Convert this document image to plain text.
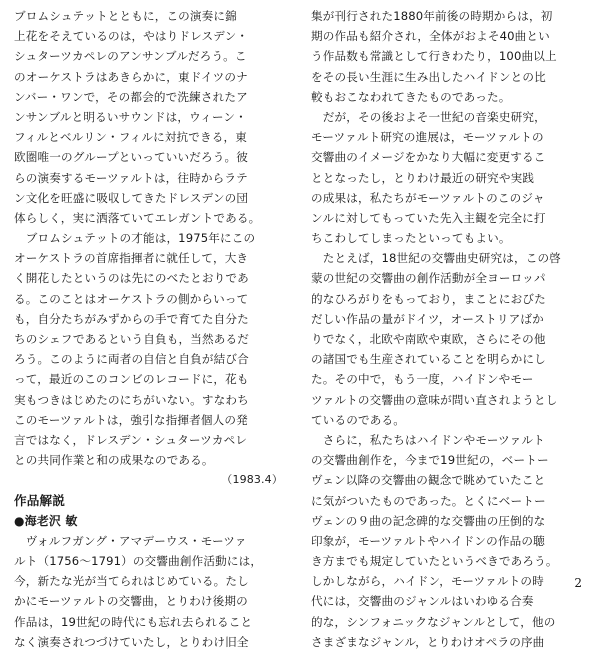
ブロムシュテットとともに，この演奏に錦
上花をそえているのは，やはりドレスデン・
シュターツカペレのアンサンブルだろう。こ
のオーケストラはあきらかに，東ドイツのナ
ンバー・ワンで，その都会的で洗練されたア
ンサンブルと明るいサウンドは，ウィーン・
フィルとベルリン・フィルに対抗できる，東
欧圏唯一のグループといっていいだろう。彼
らの演奏するモーツァルトは，往時からラテ
ン文化を旺盛に吸収してきたドレスデンの団
体らしく，実に洒落ていてエレガントである。
　ブロムシュテットの才能は，1975年にこの
オーケストラの首席指揮者に就任して，大き
く開花したというのは先にのべたとおりであ
る。このことはオーケストラの側からいって
も，自分たちがみずからの手で育てた自分た
ちのシェフであるという自負も，当然あるだ
ろう。このように両者の自信と自負が結び合
って，最近のこのコンビのレコードに，花も
実もつきはじめたのにちがいない。すなわち
このモーツァルトは，強引な指揮者個人の発
言ではなく，ドレスデン・シュターツカペレ
との共同作業と和の成果なのである。
（1983.4）
作品解説
●海老沢 敏
　ヴォルフガング・アマデーウス・モーツァ
ルト（1756～1791）の交響曲創作活動には，
今，新たな光が当てられはじめている。たし
かにモーツァルトの交響曲，とりわけ後期の
作品は，19世紀の時代にも忘れ去られること
なく演奏されつづけていたし，とりわけ旧全
集が刊行された1880年前後の時期からは，初
期の作品も紹介され，全体がおよそ40曲とい
う作品数も常識として行きわたり，100曲以上
をその長い生涯に生み出したハイドンとの比
較もおこなわれてきたものであった。
　だが，その後およそ一世紀の音楽史研究，
モーツァルト研究の進展は，モーツァルトの
交響曲のイメージをかなり大幅に変更するこ
ととなったし，とりわけ最近の研究や実践
の成果は，私たちがモーツァルトのこのジャ
ンルに対してもっていた先入主観を完全に打
ちこわしてしまったといってもよい。
　たとえば，18世紀の交響曲史研究は，この啓
蒙の世紀の交響曲の創作活動が全ヨーロッパ
的なひろがりをもっており，まことにおびた
だしい作品の量がドイツ，オーストリアばか
りでなく，北欧や南欧や東欧，さらにその他
の諸国でも生産されていることを明らかにし
た。その中で，もう一度，ハイドンやモー
ツァルトの交響曲の意味が問い直されようとし
ているのである。
　さらに，私たちはハイドンやモーツァルト
の交響曲創作を，今まで19世紀の，ベートー
ヴェン以降の交響曲の観念で眺めていたこと
に気がついたものであった。とくにベートー
ヴェンの９曲の記念碑的な交響曲の圧倒的な
印象が，モーツァルトやハイドンの作品の聴
き方までも規定していたというべきであろう。
しかしながら，ハイドン，モーツァルトの時
代には，交響曲のジャンルはいわゆる合奏
的な，シンフォニックなジャンルとして，他の
さまざまなジャンル，とりわけオペラの序曲
2
